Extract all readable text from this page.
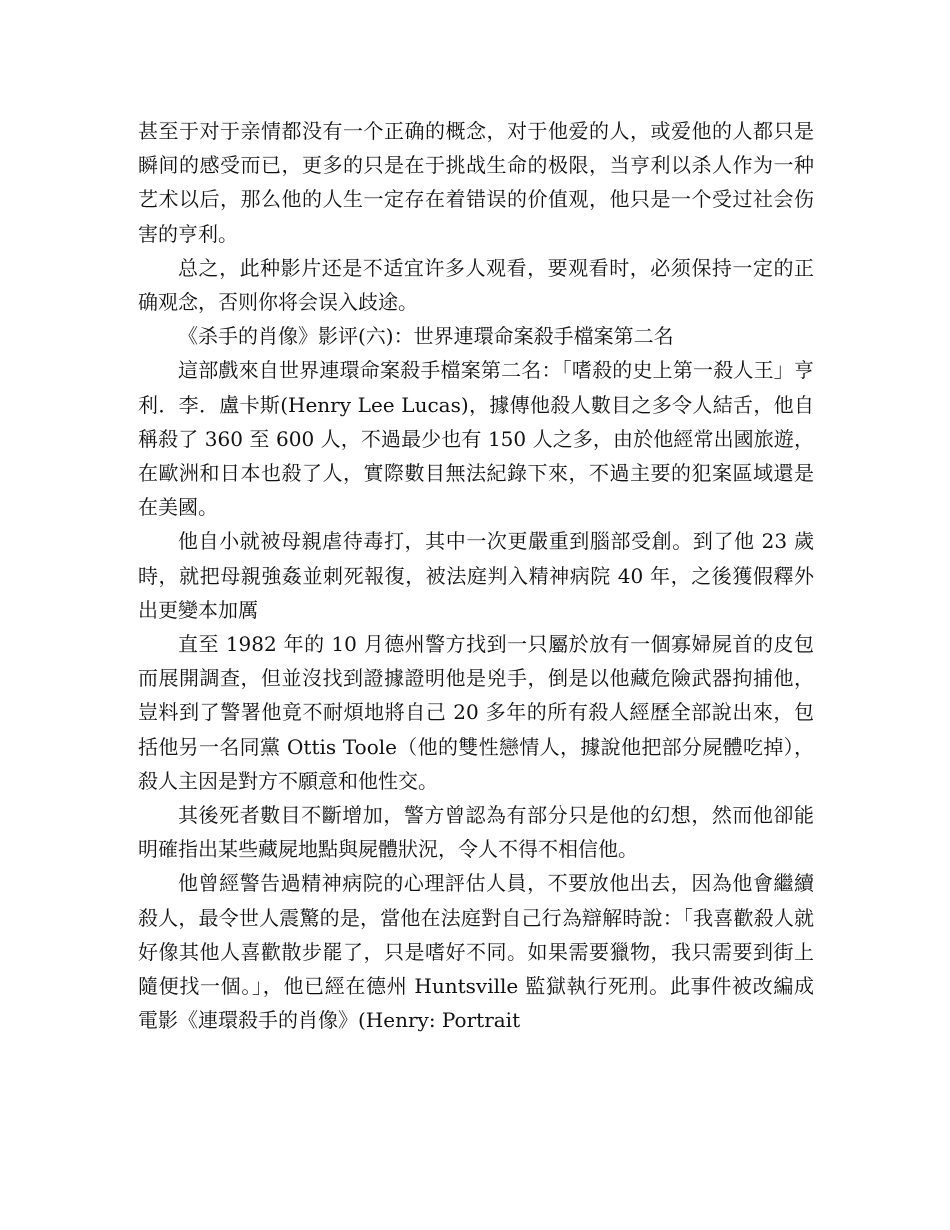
甚至于对于亲情都没有一个正确的概念，对于他爱的人，或爱他的人都只是瞬间的感受而已，更多的只是在于挑战生命的极限，当亨利以杀人作为一种艺术以后，那么他的人生一定存在着错误的价值观，他只是一个受过社会伤害的亨利。

总之，此种影片还是不适宜许多人观看，要观看时，必须保持一定的正确观念，否则你将会误入歧途。

《杀手的肖像》影评(六)：世界連環命案殺手檔案第二名

這部戲來自世界連環命案殺手檔案第二名：「嗜殺的史上第一殺人王」亨利．李．盧卡斯(Henry Lee Lucas)，據傳他殺人數目之多令人結舌，他自稱殺了 360 至 600 人，不過最少也有 150 人之多，由於他經常出國旅遊，在歐洲和日本也殺了人，實際數目無法紀錄下來，不過主要的犯案區域還是在美國。

他自小就被母親虐待毒打，其中一次更嚴重到腦部受創。到了他 23 歲時，就把母親強姦並刺死報復，被法庭判入精神病院 40 年，之後獲假釋外出更變本加厲

直至 1982 年的 10 月德州警方找到一只屬於放有一個寡婦屍首的皮包而展開調查，但並沒找到證據證明他是兇手，倒是以他藏危險武器拘捕他，豈料到了警署他竟不耐煩地將自己 20 多年的所有殺人經歷全部說出來，包括他另一名同黨 Ottis Toole（他的雙性戀情人，據說他把部分屍體吃掉），殺人主因是對方不願意和他性交。

其後死者數目不斷增加，警方曾認為有部分只是他的幻想，然而他卻能明確指出某些藏屍地點與屍體狀況，令人不得不相信他。

他曾經警告過精神病院的心理評估人員，不要放他出去，因為他會繼續殺人，最令世人震驚的是，當他在法庭對自己行為辯解時說：「我喜歡殺人就好像其他人喜歡散步罷了，只是嗜好不同。如果需要獵物，我只需要到街上隨便找一個。」，他已經在德州 Huntsville 監獄執行死刑。此事件被改編成電影《連環殺手的肖像》(Henry: Portrait
